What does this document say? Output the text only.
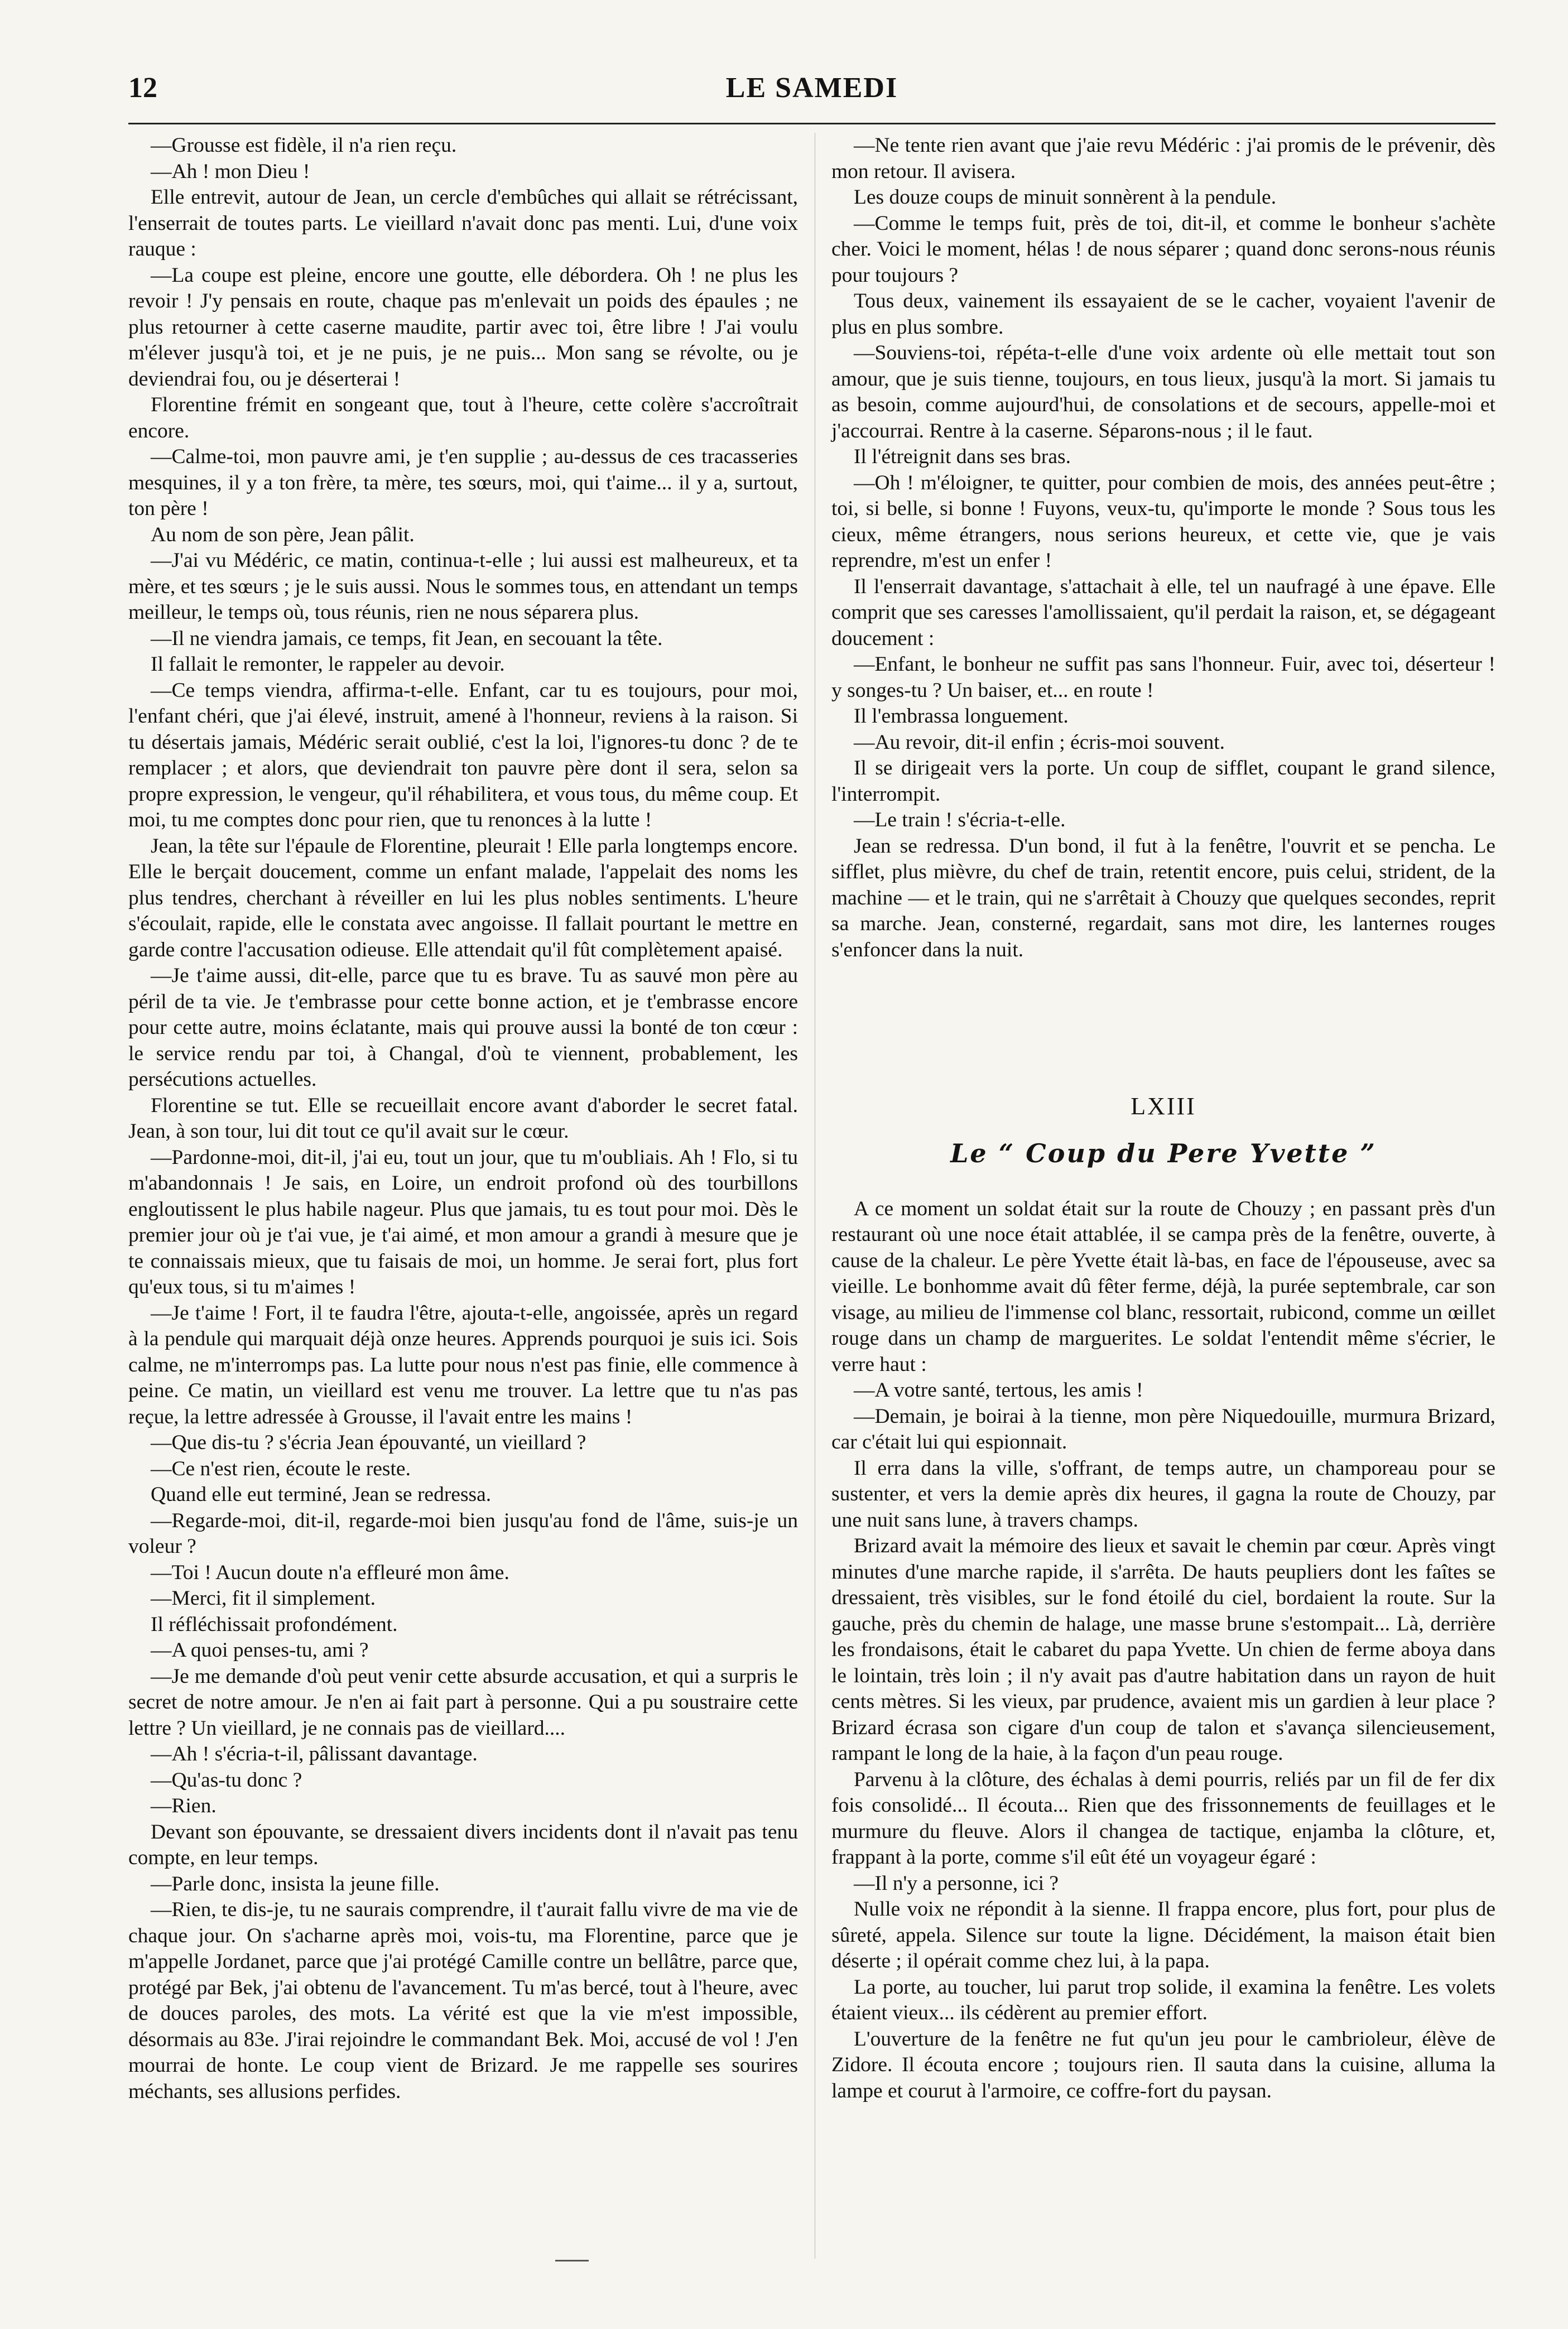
12	LE SAMEDI

—Grousse est fidèle, il n'a rien reçu.

—Ah ! mon Dieu !

Elle entrevit, autour de Jean, un cercle d'embûches qui allait se rétrécissant, l'enserrait de toutes parts. Le vieillard n'avait donc pas menti. Lui, d'une voix rauque :

—La coupe est pleine, encore une goutte, elle débordera. Oh ! ne plus les revoir ! J'y pensais en route, chaque pas m'enlevait un poids des épaules ; ne plus retourner à cette caserne maudite, partir avec toi, être libre ! J'ai voulu m'élever jusqu'à toi, et je ne puis, je ne puis... Mon sang se révolte, ou je deviendrai fou, ou je déserterai !

Florentine frémit en songeant que, tout à l'heure, cette colère s'accroîtrait encore.

—Calme-toi, mon pauvre ami, je t'en supplie ; au-dessus de ces tracasseries mesquines, il y a ton frère, ta mère, tes sœurs, moi, qui t'aime... il y a, surtout, ton père !

Au nom de son père, Jean pâlit.

—J'ai vu Médéric, ce matin, continua-t-elle ; lui aussi est malheureux, et ta mère, et tes sœurs ; je le suis aussi. Nous le sommes tous, en attendant un temps meilleur, le temps où, tous réunis, rien ne nous séparera plus.

—Il ne viendra jamais, ce temps, fit Jean, en secouant la tête.

Il fallait le remonter, le rappeler au devoir.

—Ce temps viendra, affirma-t-elle. Enfant, car tu es toujours, pour moi, l'enfant chéri, que j'ai élevé, instruit, amené à l'honneur, reviens à la raison. Si tu désertais jamais, Médéric serait oublié, c'est la loi, l'ignores-tu donc ? de te remplacer ; et alors, que deviendrait ton pauvre père dont il sera, selon sa propre expression, le vengeur, qu'il réhabilitera, et vous tous, du même coup. Et moi, tu me comptes donc pour rien, que tu renonces à la lutte !

Jean, la tête sur l'épaule de Florentine, pleurait ! Elle parla longtemps encore. Elle le berçait doucement, comme un enfant malade, l'appelait des noms les plus tendres, cherchant à réveiller en lui les plus nobles sentiments. L'heure s'écoulait, rapide, elle le constata avec angoisse. Il fallait pourtant le mettre en garde contre l'accusation odieuse. Elle attendait qu'il fût complètement apaisé.

—Je t'aime aussi, dit-elle, parce que tu es brave. Tu as sauvé mon père au péril de ta vie. Je t'embrasse pour cette bonne action, et je t'embrasse encore pour cette autre, moins éclatante, mais qui prouve aussi la bonté de ton cœur : le service rendu par toi, à Changal, d'où te viennent, probablement, les persécutions actuelles.

Florentine se tut. Elle se recueillait encore avant d'aborder le secret fatal. Jean, à son tour, lui dit tout ce qu'il avait sur le cœur.

—Pardonne-moi, dit-il, j'ai eu, tout un jour, que tu m'oubliais. Ah ! Flo, si tu m'abandonnais ! Je sais, en Loire, un endroit profond où des tourbillons engloutissent le plus habile nageur. Plus que jamais, tu es tout pour moi. Dès le premier jour où je t'ai vue, je t'ai aimé, et mon amour a grandi à mesure que je te connaissais mieux, que tu faisais de moi, un homme. Je serai fort, plus fort qu'eux tous, si tu m'aimes !

—Je t'aime ! Fort, il te faudra l'être, ajouta-t-elle, angoissée, après un regard à la pendule qui marquait déjà onze heures. Apprends pourquoi je suis ici. Sois calme, ne m'interromps pas. La lutte pour nous n'est pas finie, elle commence à peine. Ce matin, un vieillard est venu me trouver. La lettre que tu n'as pas reçue, la lettre adressée à Grousse, il l'avait entre les mains !

—Que dis-tu ? s'écria Jean épouvanté, un vieillard ?

—Ce n'est rien, écoute le reste.

Quand elle eut terminé, Jean se redressa.

—Regarde-moi, dit-il, regarde-moi bien jusqu'au fond de l'âme, suis-je un voleur ?

—Toi ! Aucun doute n'a effleuré mon âme.

—Merci, fit il simplement.

Il réfléchissait profondément.

—A quoi penses-tu, ami ?

—Je me demande d'où peut venir cette absurde accusation, et qui a surpris le secret de notre amour. Je n'en ai fait part à personne. Qui a pu soustraire cette lettre ? Un vieillard, je ne connais pas de vieillard....

—Ah ! s'écria-t-il, pâlissant davantage.

—Qu'as-tu donc ?

—Rien.

Devant son épouvante, se dressaient divers incidents dont il n'avait pas tenu compte, en leur temps.

—Parle donc, insista la jeune fille.

—Rien, te dis-je, tu ne saurais comprendre, il t'aurait fallu vivre de ma vie de chaque jour. On s'acharne après moi, vois-tu, ma Florentine, parce que je m'appelle Jordanet, parce que j'ai protégé Camille contre un bellâtre, parce que, protégé par Bek, j'ai obtenu de l'avancement. Tu m'as bercé, tout à l'heure, avec de douces paroles, des mots. La vérité est que la vie m'est impossible, désormais au 83e. J'irai rejoindre le commandant Bek. Moi, accusé de vol ! J'en mourrai de honte. Le coup vient de Brizard. Je me rappelle ses sourires méchants, ses allusions perfides.

—Ne tente rien avant que j'aie revu Médéric : j'ai promis de le prévenir, dès mon retour. Il avisera.

Les douze coups de minuit sonnèrent à la pendule.

—Comme le temps fuit, près de toi, dit-il, et comme le bonheur s'achète cher. Voici le moment, hélas ! de nous séparer ; quand donc serons-nous réunis pour toujours ?

Tous deux, vainement ils essayaient de se le cacher, voyaient l'avenir de plus en plus sombre.

—Souviens-toi, répéta-t-elle d'une voix ardente où elle mettait tout son amour, que je suis tienne, toujours, en tous lieux, jusqu'à la mort. Si jamais tu as besoin, comme aujourd'hui, de consolations et de secours, appelle-moi et j'accourrai. Rentre à la caserne. Séparons-nous ; il le faut.

Il l'étreignit dans ses bras.

—Oh ! m'éloigner, te quitter, pour combien de mois, des années peut-être ; toi, si belle, si bonne ! Fuyons, veux-tu, qu'importe le monde ? Sous tous les cieux, même étrangers, nous serions heureux, et cette vie, que je vais reprendre, m'est un enfer !

Il l'enserrait davantage, s'attachait à elle, tel un naufragé à une épave. Elle comprit que ses caresses l'amollissaient, qu'il perdait la raison, et, se dégageant doucement :

—Enfant, le bonheur ne suffit pas sans l'honneur. Fuir, avec toi, déserteur ! y songes-tu ? Un baiser, et... en route !

Il l'embrassa longuement.

—Au revoir, dit-il enfin ; écris-moi souvent.

Il se dirigeait vers la porte. Un coup de sifflet, coupant le grand silence, l'interrompit.

—Le train ! s'écria-t-elle.

Jean se redressa. D'un bond, il fut à la fenêtre, l'ouvrit et se pencha. Le sifflet, plus mièvre, du chef de train, retentit encore, puis celui, strident, de la machine — et le train, qui ne s'arrêtait à Chouzy que quelques secondes, reprit sa marche. Jean, consterné, regardait, sans mot dire, les lanternes rouges s'enfoncer dans la nuit.

LXIII
Le “ Coup du Pere Yvette ”

A ce moment un soldat était sur la route de Chouzy ; en passant près d'un restaurant où une noce était attablée, il se campa près de la fenêtre, ouverte, à cause de la chaleur. Le père Yvette était là-bas, en face de l'épouseuse, avec sa vieille. Le bonhomme avait dû fêter ferme, déjà, la purée septembrale, car son visage, au milieu de l'immense col blanc, ressortait, rubicond, comme un œillet rouge dans un champ de marguerites. Le soldat l'entendit même s'écrier, le verre haut :

—A votre santé, tertous, les amis !

—Demain, je boirai à la tienne, mon père Niquedouille, murmura Brizard, car c'était lui qui espionnait.

Il erra dans la ville, s'offrant, de temps autre, un champoreau pour se sustenter, et vers la demie après dix heures, il gagna la route de Chouzy, par une nuit sans lune, à travers champs.

Brizard avait la mémoire des lieux et savait le chemin par cœur. Après vingt minutes d'une marche rapide, il s'arrêta. De hauts peupliers dont les faîtes se dressaient, très visibles, sur le fond étoilé du ciel, bordaient la route. Sur la gauche, près du chemin de halage, une masse brune s'estompait... Là, derrière les frondaisons, était le cabaret du papa Yvette. Un chien de ferme aboya dans le lointain, très loin ; il n'y avait pas d'autre habitation dans un rayon de huit cents mètres. Si les vieux, par prudence, avaient mis un gardien à leur place ? Brizard écrasa son cigare d'un coup de talon et s'avança silencieusement, rampant le long de la haie, à la façon d'un peau rouge.

Parvenu à la clôture, des échalas à demi pourris, reliés par un fil de fer dix fois consolidé... Il écouta... Rien que des frissonnements de feuillages et le murmure du fleuve. Alors il changea de tactique, enjamba la clôture, et, frappant à la porte, comme s'il eût été un voyageur égaré :

—Il n'y a personne, ici ?

Nulle voix ne répondit à la sienne. Il frappa encore, plus fort, pour plus de sûreté, appela. Silence sur toute la ligne. Décidément, la maison était bien déserte ; il opérait comme chez lui, à la papa.

La porte, au toucher, lui parut trop solide, il examina la fenêtre. Les volets étaient vieux... ils cédèrent au premier effort.

L'ouverture de la fenêtre ne fut qu'un jeu pour le cambrioleur, élève de Zidore. Il écouta encore ; toujours rien. Il sauta dans la cuisine, alluma la lampe et courut à l'armoire, ce coffre-fort du paysan.
